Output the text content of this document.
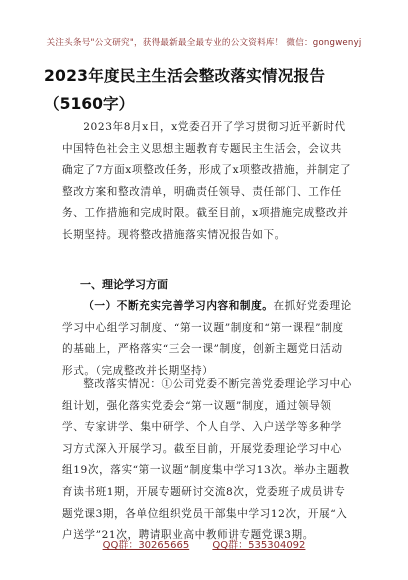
关注头条号"公文研究"，获得最新最全最专业的公文资料库！ 微信：gongwenyj
2023年度民主生活会整改落实情况报告
（5160字）
2023年8月x日，x党委召开了学习贯彻习近平新时代中国特色社会主义思想主题教育专题民主生活会，会议共确定了7方面x项整改任务，形成了x项整改措施，并制定了整改方案和整改清单，明确责任领导、责任部门、工作任务、工作措施和完成时限。截至目前，x项措施完成整改并长期坚持。现将整改措施落实情况报告如下。
一、理论学习方面
（一）不断充实完善学习内容和制度。在抓好党委理论学习中心组学习制度、“第一议题”制度和“第一课程”制度的基础上，严格落实“三会一课”制度，创新主题党日活动形式。（完成整改并长期坚持）
整改落实情况：①公司党委不断完善党委理论学习中心组计划，强化落实党委会“第一议题”制度，通过领导领学、专家讲学、集中研学、个人自学、入户送学等多种学习方式深入开展学习。截至目前，开展党委理论学习中心组19次，落实“第一议题”制度集中学习13次。举办主题教育读书班1期，开展专题研讨交流8次，党委班子成员讲专题党课3期，各单位组织党员干部集中学习12次，开展“入户送学”21次，聘请职业高中教师讲专题党课3期。
QQ群：30265665 QQ群：535304092
